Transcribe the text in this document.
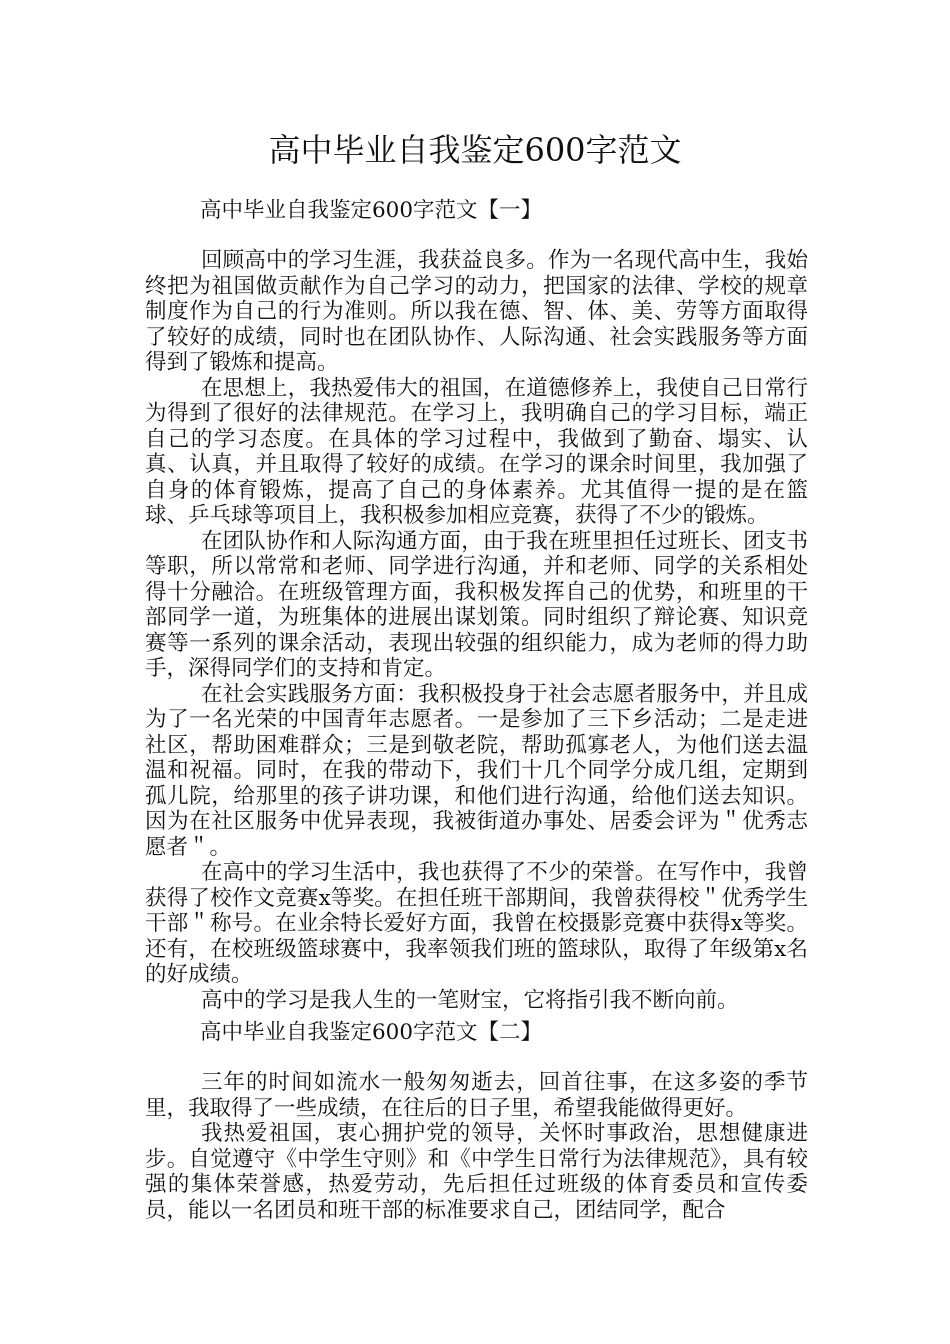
高中毕业自我鉴定600字范文
高中毕业自我鉴定600字范文【一】

回顾高中的学习生涯，我获益良多。作为一名现代高中生，我始终把为祖国做贡献作为自己学习的动力，把国家的法律、学校的规章制度作为自己的行为准则。所以我在德、智、体、美、劳等方面取得了较好的成绩，同时也在团队协作、人际沟通、社会实践服务等方面得到了锻炼和提高。

在思想上，我热爱伟大的祖国，在道德修养上，我使自己日常行为得到了很好的法律规范。在学习上，我明确自己的学习目标，端正自己的学习态度。在具体的学习过程中，我做到了勤奋、塌实、认真、认真，并且取得了较好的成绩。在学习的课余时间里，我加强了自身的体育锻炼，提高了自己的身体素养。尤其值得一提的是在篮球、乒乓球等项目上，我积极参加相应竞赛，获得了不少的锻炼。

在团队协作和人际沟通方面，由于我在班里担任过班长、团支书等职，所以常常和老师、同学进行沟通，并和老师、同学的关系相处得十分融洽。在班级管理方面，我积极发挥自己的优势，和班里的干部同学一道，为班集体的进展出谋划策。同时组织了辩论赛、知识竞赛等一系列的课余活动，表现出较强的组织能力，成为老师的得力助手，深得同学们的支持和肯定。

在社会实践服务方面：我积极投身于社会志愿者服务中，并且成为了一名光荣的中国青年志愿者。一是参加了三下乡活动；二是走进社区，帮助困难群众；三是到敬老院，帮助孤寡老人，为他们送去温温和祝福。同时，在我的带动下，我们十几个同学分成几组，定期到孤儿院，给那里的孩子讲功课，和他们进行沟通，给他们送去知识。因为在社区服务中优异表现，我被街道办事处、居委会评为＂优秀志愿者＂。

在高中的学习生活中，我也获得了不少的荣誉。在写作中，我曾获得了校作文竞赛x等奖。在担任班干部期间，我曾获得校＂优秀学生干部＂称号。在业余特长爱好方面，我曾在校摄影竞赛中获得x等奖。还有，在校班级篮球赛中，我率领我们班的篮球队，取得了年级第x名的好成绩。

高中的学习是我人生的一笔财宝，它将指引我不断向前。

高中毕业自我鉴定600字范文【二】

三年的时间如流水一般匆匆逝去，回首往事，在这多姿的季节里，我取得了一些成绩，在往后的日子里，希望我能做得更好。

我热爱祖国，衷心拥护党的领导，关怀时事政治，思想健康进步。自觉遵守《中学生守则》和《中学生日常行为法律规范》，具有较强的集体荣誉感，热爱劳动，先后担任过班级的体育委员和宣传委员，能以一名团员和班干部的标准要求自己，团结同学，配合
